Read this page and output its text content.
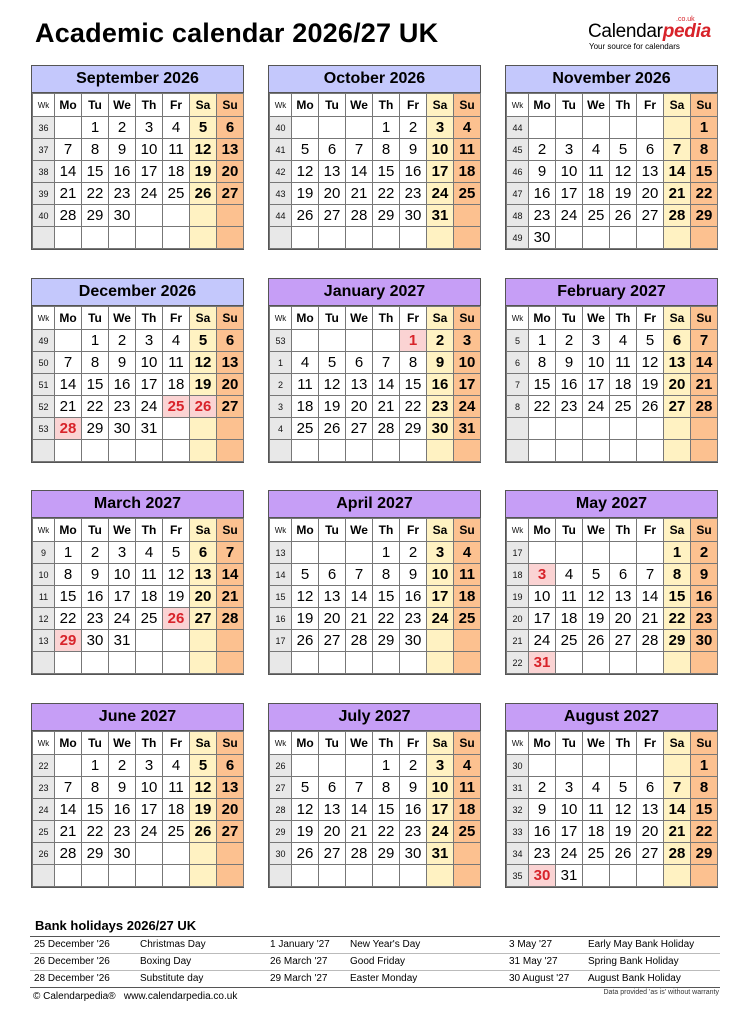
Academic calendar 2026/27 UK	Calendarpedia
.co.uk
Your source for calendars
September 2026
Wk	Mo	Tu	We	Th	Fr	Sa	Su
36		1	2	3	4	5	6
37	7	8	9	10	11	12	13
38	14	15	16	17	18	19	20
39	21	22	23	24	25	26	27
40	28	29	30				

October 2026
Wk	Mo	Tu	We	Th	Fr	Sa	Su
40				1	2	3	4
41	5	6	7	8	9	10	11
42	12	13	14	15	16	17	18
43	19	20	21	22	23	24	25
44	26	27	28	29	30	31	

November 2026
Wk	Mo	Tu	We	Th	Fr	Sa	Su
44							1
45	2	3	4	5	6	7	8
46	9	10	11	12	13	14	15
47	16	17	18	19	20	21	22
48	23	24	25	26	27	28	29
49	30						
December 2026
Wk	Mo	Tu	We	Th	Fr	Sa	Su
49		1	2	3	4	5	6
50	7	8	9	10	11	12	13
51	14	15	16	17	18	19	20
52	21	22	23	24	25	26	27
53	28	29	30	31			

January 2027
Wk	Mo	Tu	We	Th	Fr	Sa	Su
53					1	2	3
1	4	5	6	7	8	9	10
2	11	12	13	14	15	16	17
3	18	19	20	21	22	23	24
4	25	26	27	28	29	30	31

February 2027
Wk	Mo	Tu	We	Th	Fr	Sa	Su
5	1	2	3	4	5	6	7
6	8	9	10	11	12	13	14
7	15	16	17	18	19	20	21
8	22	23	24	25	26	27	28

March 2027
Wk	Mo	Tu	We	Th	Fr	Sa	Su
9	1	2	3	4	5	6	7
10	8	9	10	11	12	13	14
11	15	16	17	18	19	20	21
12	22	23	24	25	26	27	28
13	29	30	31				

April 2027
Wk	Mo	Tu	We	Th	Fr	Sa	Su
13				1	2	3	4
14	5	6	7	8	9	10	11
15	12	13	14	15	16	17	18
16	19	20	21	22	23	24	25
17	26	27	28	29	30		

May 2027
Wk	Mo	Tu	We	Th	Fr	Sa	Su
17						1	2
18	3	4	5	6	7	8	9
19	10	11	12	13	14	15	16
20	17	18	19	20	21	22	23
21	24	25	26	27	28	29	30
22	31						
June 2027
Wk	Mo	Tu	We	Th	Fr	Sa	Su
22		1	2	3	4	5	6
23	7	8	9	10	11	12	13
24	14	15	16	17	18	19	20
25	21	22	23	24	25	26	27
26	28	29	30				

July 2027
Wk	Mo	Tu	We	Th	Fr	Sa	Su
26				1	2	3	4
27	5	6	7	8	9	10	11
28	12	13	14	15	16	17	18
29	19	20	21	22	23	24	25
30	26	27	28	29	30	31	

August 2027
Wk	Mo	Tu	We	Th	Fr	Sa	Su
30							1
31	2	3	4	5	6	7	8
32	9	10	11	12	13	14	15
33	16	17	18	19	20	21	22
34	23	24	25	26	27	28	29
35	30	31					
Bank holidays 2026/27 UK
25 December '26	Christmas Day	1 January '27 New Year's Day	3 May '27	Early May Bank Holiday
26 December '26	Boxing Day	26 March '27 Good Friday	31 May '27	Spring Bank Holiday
28 December '26	Substitute day	29 March '27 Easter Monday	30 August '27 August Bank Holiday
© Calendarpedia® www.calendarpedia.co.uk	Data provided 'as is' without warranty
